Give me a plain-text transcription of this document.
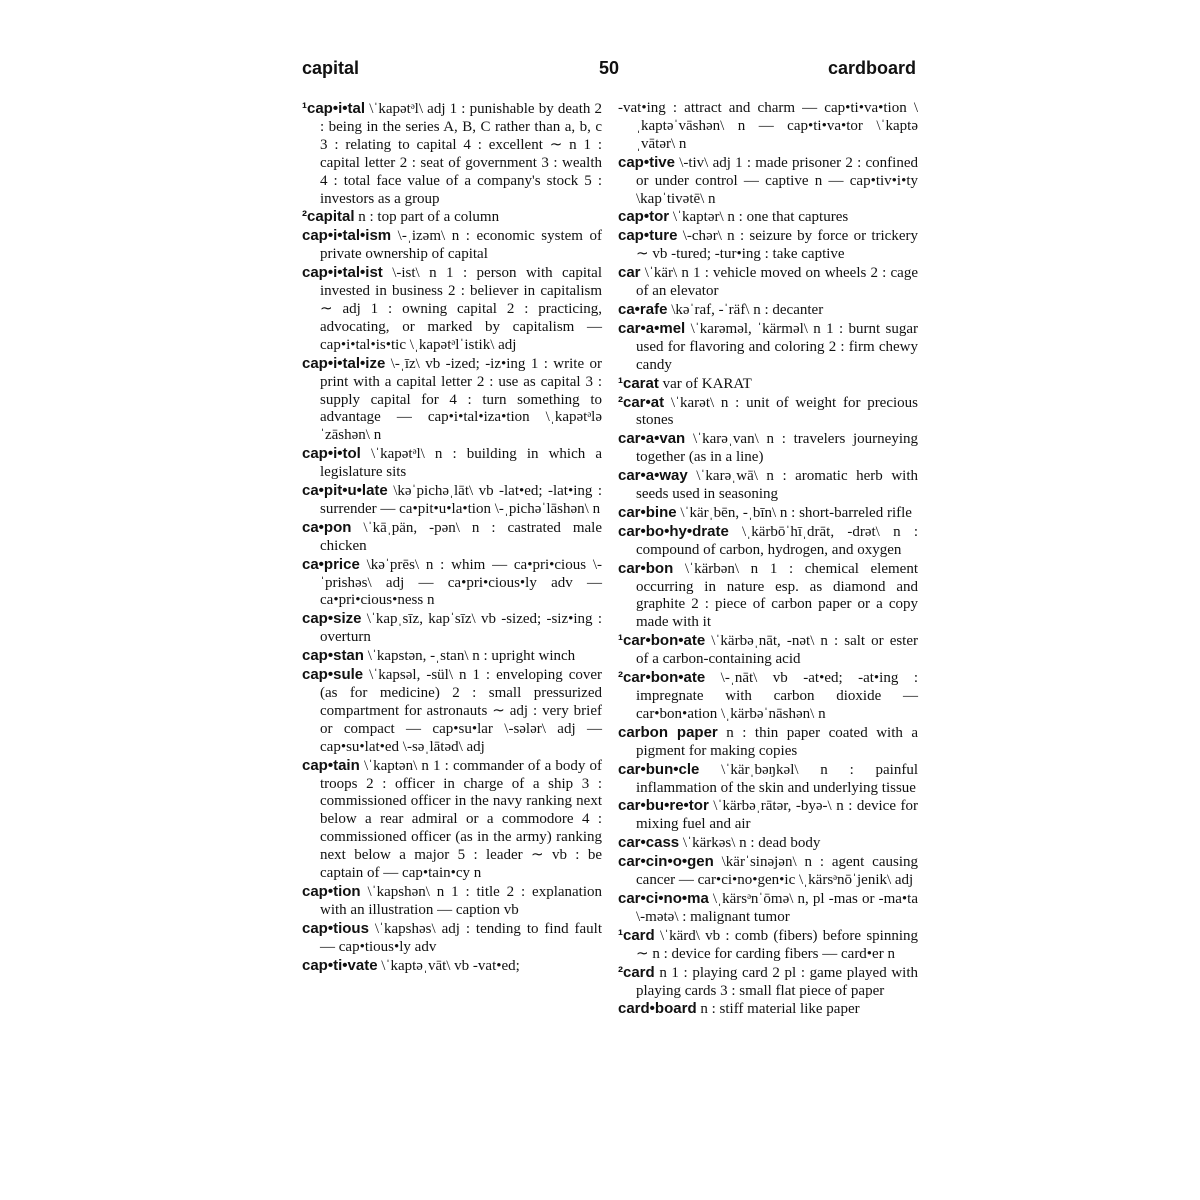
capital	50	cardboard

¹cap•i•tal \ˈkapətᵊl\ adj 1 : punishable by death 2 : being in the series A, B, C rather than a, b, c 3 : relating to capital 4 : excellent ∼ n 1 : capital letter 2 : seat of government 3 : wealth 4 : total face value of a company's stock 5 : investors as a group

²capital n : top part of a column

cap•i•tal•ism \-ˌizəm\ n : economic system of private ownership of capital

cap•i•tal•ist \-ist\ n 1 : person with capital invested in business 2 : believer in capitalism ∼ adj 1 : owning capital 2 : practicing, advocating, or marked by capitalism — cap•i•tal•is•tic \ˌkapətᵊlˈistik\ adj

cap•i•tal•ize \-ˌīz\ vb -ized; -iz•ing 1 : write or print with a capital letter 2 : use as capital 3 : supply capital for 4 : turn something to advantage — cap•i•tal•iza•tion \ˌkapətᵊləˈzāshən\ n

cap•i•tol \ˈkapətᵊl\ n : building in which a legislature sits

ca•pit•u•late \kəˈpichəˌlāt\ vb -lat•ed; -lat•ing : surrender — ca•pit•u•la•tion \-ˌpichəˈlāshən\ n

ca•pon \ˈkāˌpän, -pən\ n : castrated male chicken

ca•price \kəˈprēs\ n : whim — ca•pri•cious \-ˈprishəs\ adj — ca•pri•cious•ly adv — ca•pri•cious•ness n

cap•size \ˈkapˌsīz, kapˈsīz\ vb -sized; -siz•ing : overturn

cap•stan \ˈkapstən, -ˌstan\ n : upright winch

cap•sule \ˈkapsəl, -sül\ n 1 : enveloping cover (as for medicine) 2 : small pressurized compartment for astronauts ∼ adj : very brief or compact — cap•su•lar \-sələr\ adj — cap•su•lat•ed \-səˌlātəd\ adj

cap•tain \ˈkaptən\ n 1 : commander of a body of troops 2 : officer in charge of a ship 3 : commissioned officer in the navy ranking next below a rear admiral or a commodore 4 : commissioned officer (as in the army) ranking next below a major 5 : leader ∼ vb : be captain of — cap•tain•cy n

cap•tion \ˈkapshən\ n 1 : title 2 : explanation with an illustration — caption vb

cap•tious \ˈkapshəs\ adj : tending to find fault — cap•tious•ly adv

cap•ti•vate \ˈkaptəˌvāt\ vb -vat•ed;

-vat•ing : attract and charm — cap•ti•va•tion \ˌkaptəˈvāshən\ n — cap•ti•va•tor \ˈkaptəˌvātər\ n

cap•tive \-tiv\ adj 1 : made prisoner 2 : confined or under control — captive n — cap•tiv•i•ty \kapˈtivətē\ n

cap•tor \ˈkaptər\ n : one that captures

cap•ture \-chər\ n : seizure by force or trickery ∼ vb -tured; -tur•ing : take captive

car \ˈkär\ n 1 : vehicle moved on wheels 2 : cage of an elevator

ca•rafe \kəˈraf, -ˈräf\ n : decanter

car•a•mel \ˈkarəməl, ˈkärməl\ n 1 : burnt sugar used for flavoring and coloring 2 : firm chewy candy

¹carat var of KARAT

²car•at \ˈkarət\ n : unit of weight for precious stones

car•a•van \ˈkarəˌvan\ n : travelers journeying together (as in a line)

car•a•way \ˈkarəˌwā\ n : aromatic herb with seeds used in seasoning

car•bine \ˈkärˌbēn, -ˌbīn\ n : short-barreled rifle

car•bo•hy•drate \ˌkärbōˈhīˌdrāt, -drət\ n : compound of carbon, hydrogen, and oxygen

car•bon \ˈkärbən\ n 1 : chemical element occurring in nature esp. as diamond and graphite 2 : piece of carbon paper or a copy made with it

¹car•bon•ate \ˈkärbəˌnāt, -nət\ n : salt or ester of a carbon-containing acid

²car•bon•ate \-ˌnāt\ vb -at•ed; -at•ing : impregnate with carbon dioxide — car•bon•ation \ˌkärbəˈnāshən\ n

carbon paper n : thin paper coated with a pigment for making copies

car•bun•cle \ˈkärˌbəŋkəl\ n : painful inflammation of the skin and underlying tissue

car•bu•re•tor \ˈkärbəˌrātər, -byə-\ n : device for mixing fuel and air

car•cass \ˈkärkəs\ n : dead body

car•cin•o•gen \kärˈsinəjən\ n : agent causing cancer — car•ci•no•gen•ic \ˌkärsᵊnōˈjenik\ adj

car•ci•no•ma \ˌkärsᵊnˈōmə\ n, pl -mas or -ma•ta \-mətə\ : malignant tumor

¹card \ˈkärd\ vb : comb (fibers) before spinning ∼ n : device for carding fibers — card•er n

²card n 1 : playing card 2 pl : game played with playing cards 3 : small flat piece of paper

card•board n : stiff material like paper
